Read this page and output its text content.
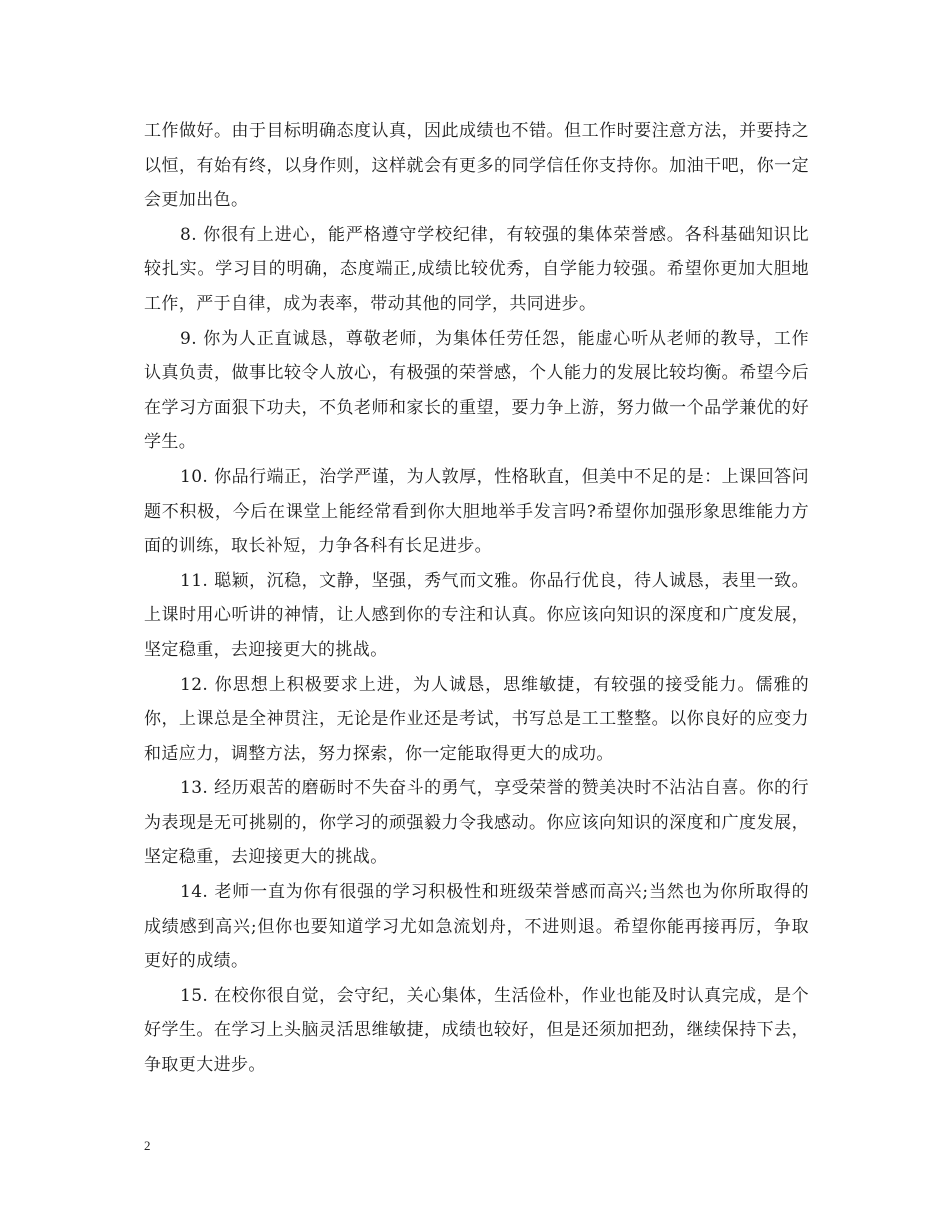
工作做好。由于目标明确态度认真，因此成绩也不错。但工作时要注意方法，并要持之以恒，有始有终，以身作则，这样就会有更多的同学信任你支持你。加油干吧，你一定会更加出色。

8. 你很有上进心，能严格遵守学校纪律，有较强的集体荣誉感。各科基础知识比较扎实。学习目的明确，态度端正,成绩比较优秀，自学能力较强。希望你更加大胆地工作，严于自律，成为表率，带动其他的同学，共同进步。

9. 你为人正直诚恳，尊敬老师，为集体任劳任怨，能虚心听从老师的教导，工作认真负责，做事比较令人放心，有极强的荣誉感，个人能力的发展比较均衡。希望今后在学习方面狠下功夫，不负老师和家长的重望，要力争上游，努力做一个品学兼优的好学生。

10. 你品行端正，治学严谨，为人敦厚，性格耿直，但美中不足的是：上课回答问题不积极，今后在课堂上能经常看到你大胆地举手发言吗?希望你加强形象思维能力方面的训练，取长补短，力争各科有长足进步。

11. 聪颖，沉稳，文静，坚强，秀气而文雅。你品行优良，待人诚恳，表里一致。上课时用心听讲的神情，让人感到你的专注和认真。你应该向知识的深度和广度发展，坚定稳重，去迎接更大的挑战。

12. 你思想上积极要求上进，为人诚恳，思维敏捷，有较强的接受能力。儒雅的你，上课总是全神贯注，无论是作业还是考试，书写总是工工整整。以你良好的应变力和适应力，调整方法，努力探索，你一定能取得更大的成功。

13. 经历艰苦的磨砺时不失奋斗的勇气，享受荣誉的赞美决时不沾沾自喜。你的行为表现是无可挑剔的，你学习的顽强毅力令我感动。你应该向知识的深度和广度发展，坚定稳重，去迎接更大的挑战。

14. 老师一直为你有很强的学习积极性和班级荣誉感而高兴;当然也为你所取得的成绩感到高兴;但你也要知道学习尤如急流划舟，不进则退。希望你能再接再厉，争取更好的成绩。

15. 在校你很自觉，会守纪，关心集体，生活俭朴，作业也能及时认真完成，是个好学生。在学习上头脑灵活思维敏捷，成绩也较好，但是还须加把劲，继续保持下去，争取更大进步。

2
